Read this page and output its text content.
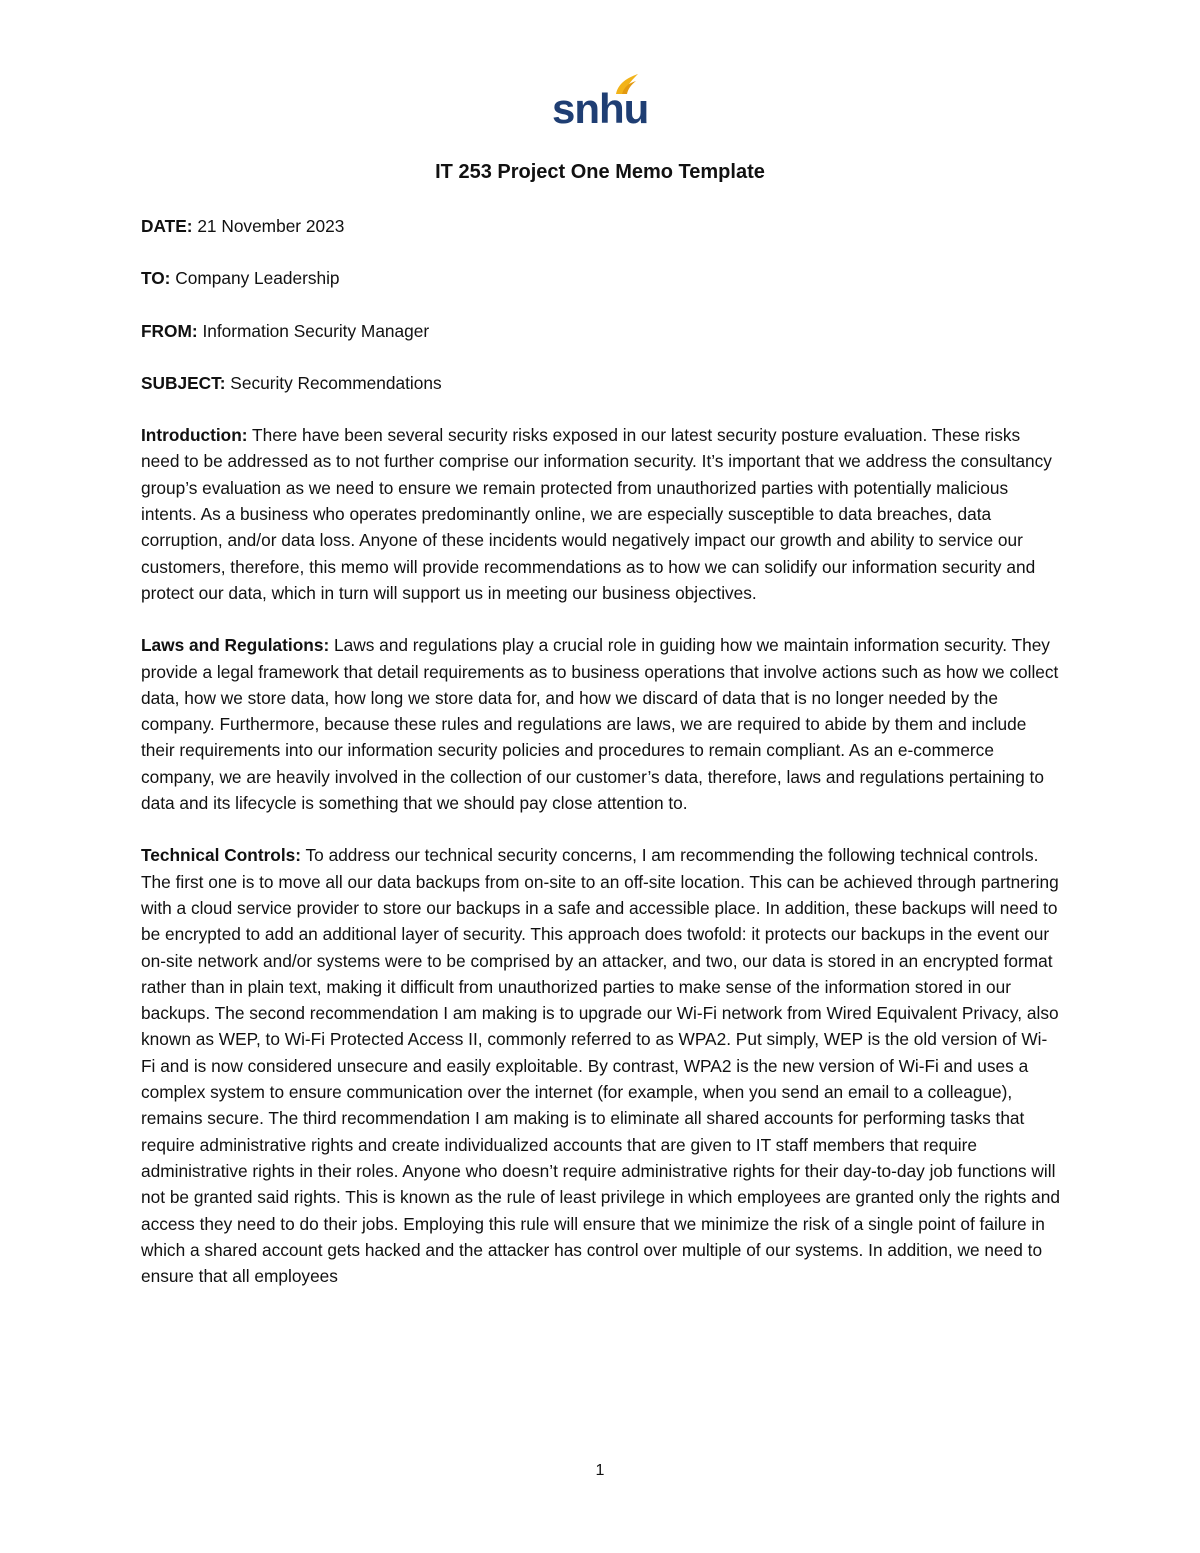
snhu
IT 253 Project One Memo Template
DATE: 21 November 2023
TO: Company Leadership
FROM: Information Security Manager
SUBJECT: Security Recommendations
Introduction: There have been several security risks exposed in our latest security posture evaluation. These risks need to be addressed as to not further comprise our information security. It’s important that we address the consultancy group’s evaluation as we need to ensure we remain protected from unauthorized parties with potentially malicious intents. As a business who operates predominantly online, we are especially susceptible to data breaches, data corruption, and/or data loss. Anyone of these incidents would negatively impact our growth and ability to service our customers, therefore, this memo will provide recommendations as to how we can solidify our information security and protect our data, which in turn will support us in meeting our business objectives.
Laws and Regulations: Laws and regulations play a crucial role in guiding how we maintain information security. They provide a legal framework that detail requirements as to business operations that involve actions such as how we collect data, how we store data, how long we store data for, and how we discard of data that is no longer needed by the company. Furthermore, because these rules and regulations are laws, we are required to abide by them and include their requirements into our information security policies and procedures to remain compliant. As an e-commerce company, we are heavily involved in the collection of our customer’s data, therefore, laws and regulations pertaining to data and its lifecycle is something that we should pay close attention to.
Technical Controls: To address our technical security concerns, I am recommending the following technical controls. The first one is to move all our data backups from on-site to an off-site location. This can be achieved through partnering with a cloud service provider to store our backups in a safe and accessible place. In addition, these backups will need to be encrypted to add an additional layer of security. This approach does twofold: it protects our backups in the event our on-site network and/or systems were to be comprised by an attacker, and two, our data is stored in an encrypted format rather than in plain text, making it difficult from unauthorized parties to make sense of the information stored in our backups. The second recommendation I am making is to upgrade our Wi-Fi network from Wired Equivalent Privacy, also known as WEP, to Wi-Fi Protected Access II, commonly referred to as WPA2. Put simply, WEP is the old version of Wi-Fi and is now considered unsecure and easily exploitable. By contrast, WPA2 is the new version of Wi-Fi and uses a complex system to ensure communication over the internet (for example, when you send an email to a colleague), remains secure. The third recommendation I am making is to eliminate all shared accounts for performing tasks that require administrative rights and create individualized accounts that are given to IT staff members that require administrative rights in their roles. Anyone who doesn’t require administrative rights for their day-to-day job functions will not be granted said rights. This is known as the rule of least privilege in which employees are granted only the rights and access they need to do their jobs. Employing this rule will ensure that we minimize the risk of a single point of failure in which a shared account gets hacked and the attacker has control over multiple of our systems. In addition, we need to ensure that all employees
1
